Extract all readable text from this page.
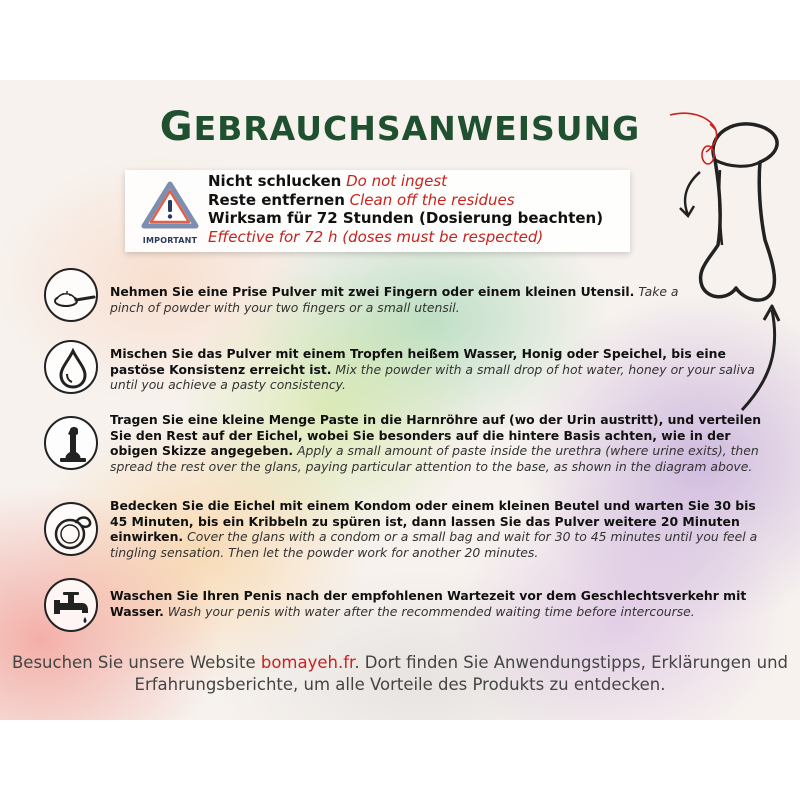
GEBRAUCHSANWEISUNG
IMPORTANT
Nicht schlucken Do not ingest
Reste entfernen Clean off the residues
Wirksam für 72 Stunden (Dosierung beachten)
Effective for 72 h (doses must be respected)
Nehmen Sie eine Prise Pulver mit zwei Fingern oder einem kleinen Utensil. Take a pinch of powder with your two fingers or a small utensil.
Mischen Sie das Pulver mit einem Tropfen heißem Wasser, Honig oder Speichel, bis eine pastöse Konsistenz erreicht ist. Mix the powder with a small drop of hot water, honey or your saliva until you achieve a pasty consistency.
Tragen Sie eine kleine Menge Paste in die Harnröhre auf (wo der Urin austritt), und verteilen Sie den Rest auf der Eichel, wobei Sie besonders auf die hintere Basis achten, wie in der obigen Skizze angegeben. Apply a small amount of paste inside the urethra (where urine exits), then spread the rest over the glans, paying particular attention to the base, as shown in the diagram above.
Bedecken Sie die Eichel mit einem Kondom oder einem kleinen Beutel und warten Sie 30 bis 45 Minuten, bis ein Kribbeln zu spüren ist, dann lassen Sie das Pulver weitere 20 Minuten einwirken. Cover the glans with a condom or a small bag and wait for 30 to 45 minutes until you feel a tingling sensation. Then let the powder work for another 20 minutes.
Waschen Sie Ihren Penis nach der empfohlenen Wartezeit vor dem Geschlechtsverkehr mit Wasser. Wash your penis with water after the recommended waiting time before intercourse.
Besuchen Sie unsere Website bomayeh.fr. Dort finden Sie Anwendungstipps, Erklärungen und Erfahrungsberichte, um alle Vorteile des Produkts zu entdecken.
